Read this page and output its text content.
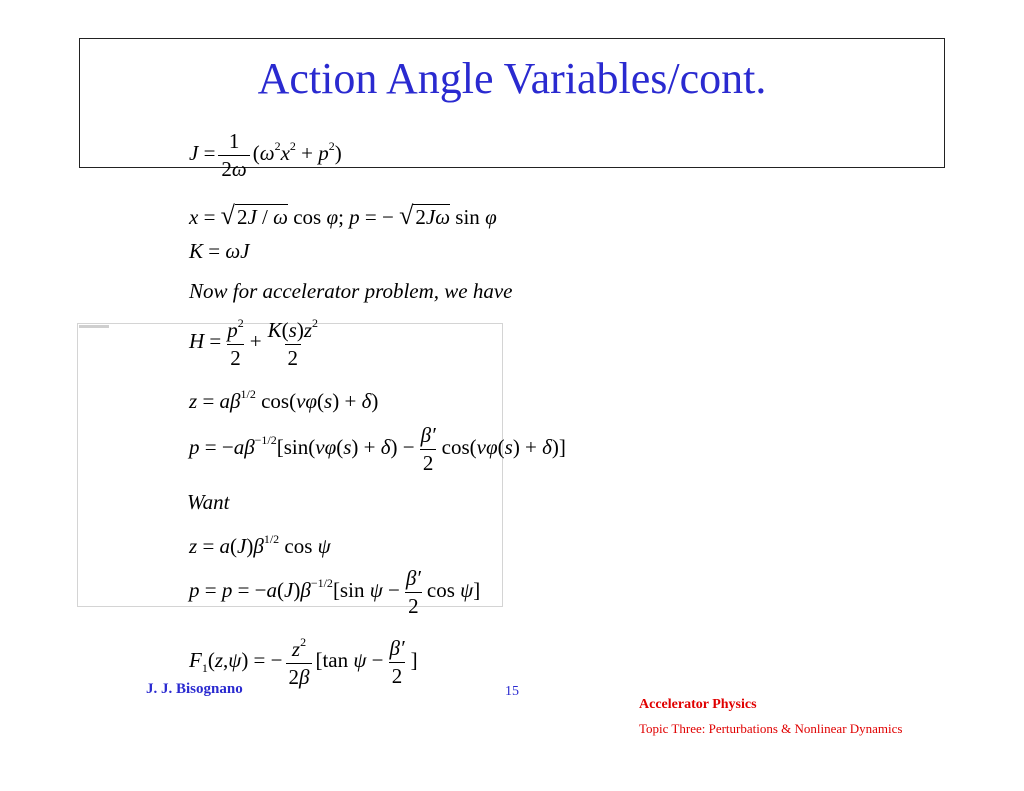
Action Angle Variables/cont.
$J = \frac{1}{2\omega} (\omega^2x^2 + p^2)$
x = √2J / ω cos φ; p = − √2Jω sin φ
K = ωJ
Now for accelerator problem, we have
$H = \frac{p^2}{2} + \frac{K(s)z^2}{2}$
$z = a\beta^{1/2}$ cos(νφ(s) + δ)
$p = -a\beta^{-1/2}[\sin(\nu\varphi(s) + \delta) - \frac{\beta'}{2} \cos(\nu\varphi(s) + \delta)]$
Want
$z = a(J)\beta^{1/2}$ cos ψ
$p = p = -a(J)\beta^{-1/2}[\sin$ $\psi - \frac{\beta'}{2}$ cos ψ]
$F_1(z,\psi)$ = − $\frac{z^2}{2\beta} [\tan$ $\psi - \frac{\beta'}{2}$ ]
J. J. Bisognano	15
Accelerator Physics
Topic Three: Perturbations & Nonlinear Dynamics
